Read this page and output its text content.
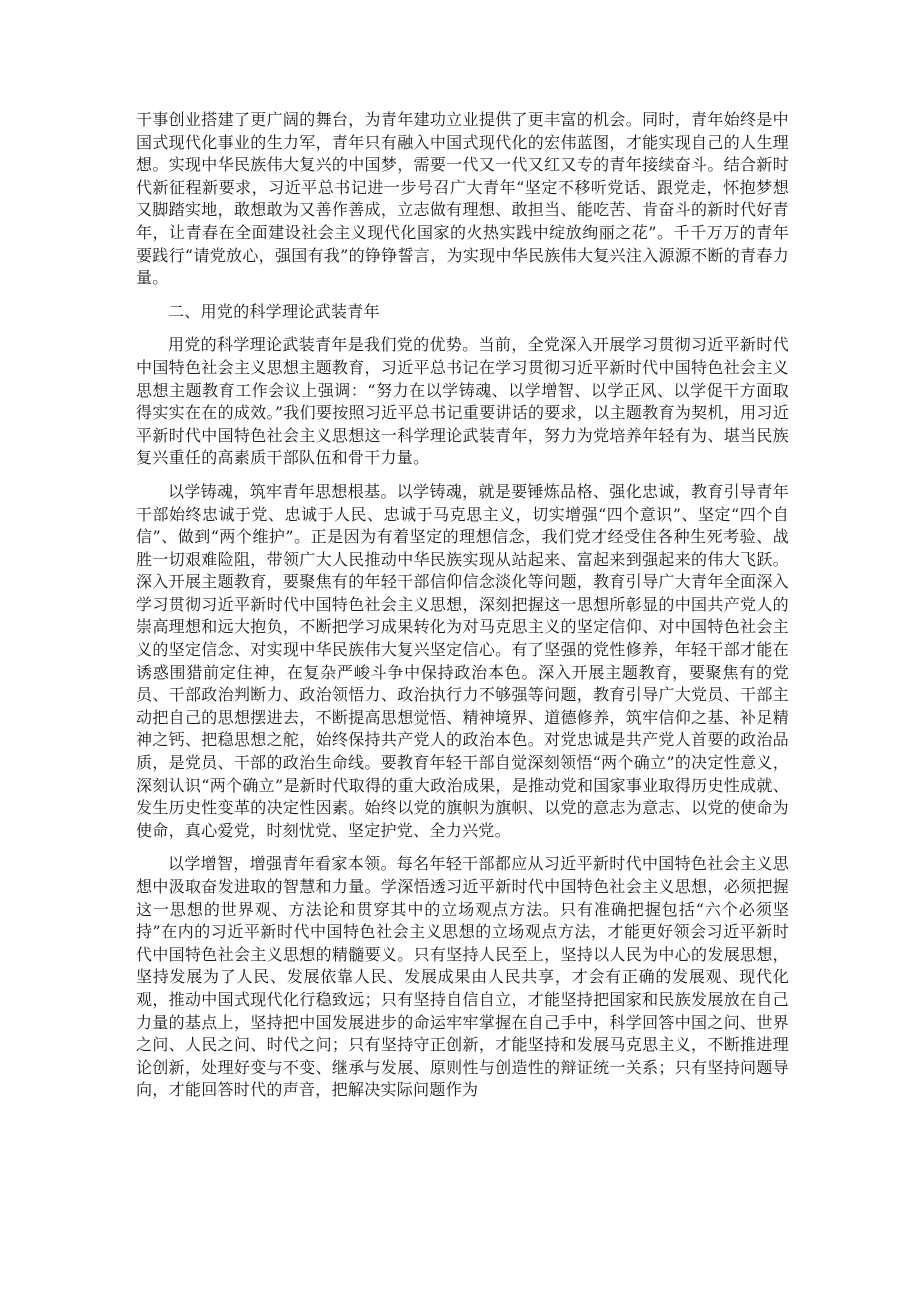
干事创业搭建了更广阔的舞台，为青年建功立业提供了更丰富的机会。同时，青年始终是中国式现代化事业的生力军，青年只有融入中国式现代化的宏伟蓝图，才能实现自己的人生理想。实现中华民族伟大复兴的中国梦，需要一代又一代又红又专的青年接续奋斗。结合新时代新征程新要求，习近平总书记进一步号召广大青年“坚定不移听党话、跟党走，怀抱梦想又脚踏实地，敢想敢为又善作善成，立志做有理想、敢担当、能吃苦、肯奋斗的新时代好青年，让青春在全面建设社会主义现代化国家的火热实践中绽放绚丽之花”。千千万万的青年要践行“请党放心，强国有我”的铮铮誓言，为实现中华民族伟大复兴注入源源不断的青春力量。

二、用党的科学理论武装青年

用党的科学理论武装青年是我们党的优势。当前，全党深入开展学习贯彻习近平新时代中国特色社会主义思想主题教育，习近平总书记在学习贯彻习近平新时代中国特色社会主义思想主题教育工作会议上强调：“努力在以学铸魂、以学增智、以学正风、以学促干方面取得实实在在的成效。”我们要按照习近平总书记重要讲话的要求，以主题教育为契机，用习近平新时代中国特色社会主义思想这一科学理论武装青年，努力为党培养年轻有为、堪当民族复兴重任的高素质干部队伍和骨干力量。

以学铸魂，筑牢青年思想根基。以学铸魂，就是要锤炼品格、强化忠诚，教育引导青年干部始终忠诚于党、忠诚于人民、忠诚于马克思主义，切实增强“四个意识”、坚定“四个自信”、做到“两个维护”。正是因为有着坚定的理想信念，我们党才经受住各种生死考验、战胜一切艰难险阻，带领广大人民推动中华民族实现从站起来、富起来到强起来的伟大飞跃。深入开展主题教育，要聚焦有的年轻干部信仰信念淡化等问题，教育引导广大青年全面深入学习贯彻习近平新时代中国特色社会主义思想，深刻把握这一思想所彰显的中国共产党人的崇高理想和远大抱负，不断把学习成果转化为对马克思主义的坚定信仰、对中国特色社会主义的坚定信念、对实现中华民族伟大复兴坚定信心。有了坚强的党性修养，年轻干部才能在诱惑围猎前定住神，在复杂严峻斗争中保持政治本色。深入开展主题教育，要聚焦有的党员、干部政治判断力、政治领悟力、政治执行力不够强等问题，教育引导广大党员、干部主动把自己的思想摆进去，不断提高思想觉悟、精神境界、道德修养，筑牢信仰之基、补足精神之钙、把稳思想之舵，始终保持共产党人的政治本色。对党忠诚是共产党人首要的政治品质，是党员、干部的政治生命线。要教育年轻干部自觉深刻领悟“两个确立”的决定性意义，深刻认识“两个确立”是新时代取得的重大政治成果，是推动党和国家事业取得历史性成就、发生历史性变革的决定性因素。始终以党的旗帜为旗帜、以党的意志为意志、以党的使命为使命，真心爱党，时刻忧党、坚定护党、全力兴党。

以学增智，增强青年看家本领。每名年轻干部都应从习近平新时代中国特色社会主义思想中汲取奋发进取的智慧和力量。学深悟透习近平新时代中国特色社会主义思想，必须把握这一思想的世界观、方法论和贯穿其中的立场观点方法。只有准确把握包括“六个必须坚持”在内的习近平新时代中国特色社会主义思想的立场观点方法，才能更好领会习近平新时代中国特色社会主义思想的精髓要义。只有坚持人民至上，坚持以人民为中心的发展思想，坚持发展为了人民、发展依靠人民、发展成果由人民共享，才会有正确的发展观、现代化观，推动中国式现代化行稳致远；只有坚持自信自立，才能坚持把国家和民族发展放在自己力量的基点上，坚持把中国发展进步的命运牢牢掌握在自己手中，科学回答中国之问、世界之问、人民之问、时代之问；只有坚持守正创新，才能坚持和发展马克思主义，不断推进理论创新，处理好变与不变、继承与发展、原则性与创造性的辩证统一关系；只有坚持问题导向，才能回答时代的声音，把解决实际问题作为
